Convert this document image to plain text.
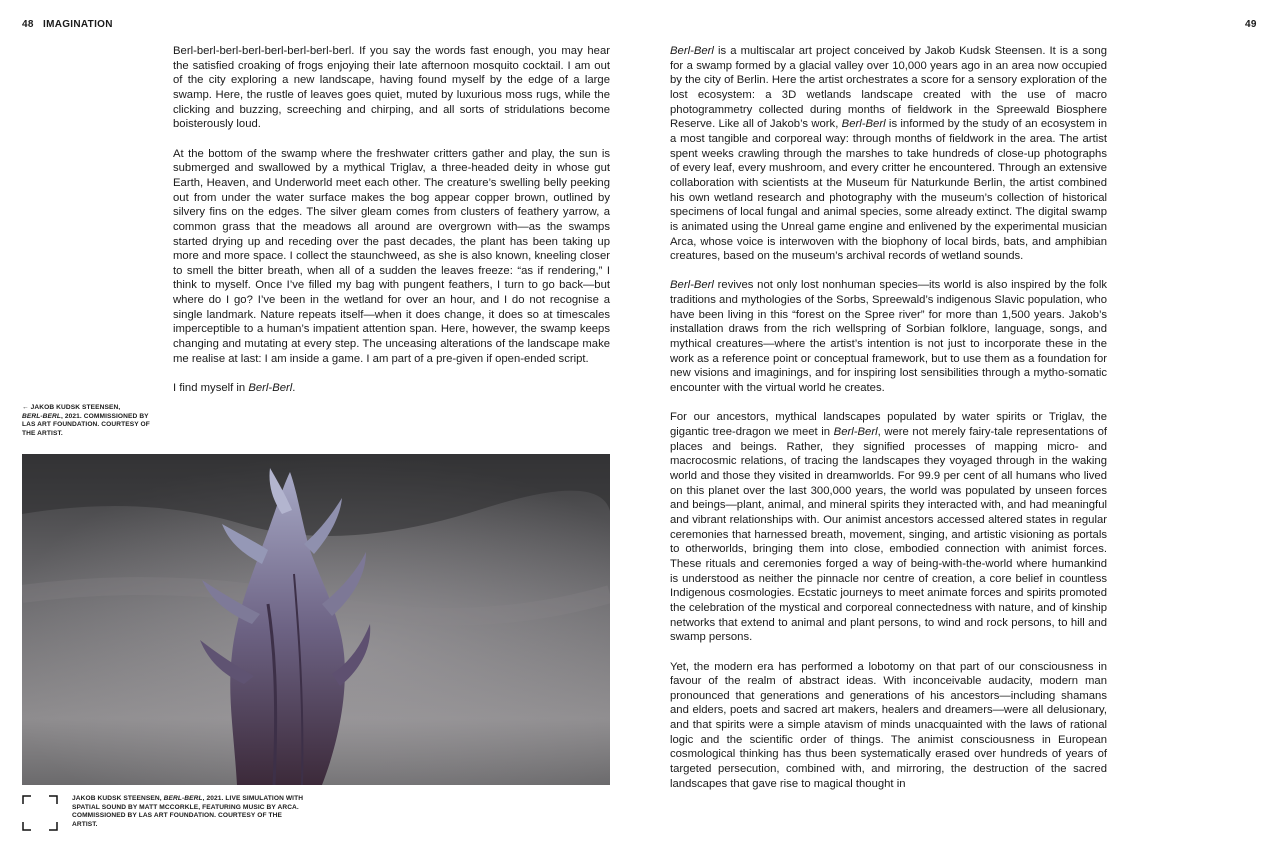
48 IMAGINATION	49

Berl-berl-berl-berl-berl-berl-berl-berl. If you say the words fast enough, you may hear the satisfied croaking of frogs enjoying their late afternoon mosquito cocktail. I am out of the city exploring a new landscape, having found myself by the edge of a large swamp. Here, the rustle of leaves goes quiet, muted by luxurious moss rugs, while the clicking and buzzing, screeching and chirping, and all sorts of stridulations become boisterously loud.

At the bottom of the swamp where the freshwater critters gather and play, the sun is submerged and swallowed by a mythical Triglav, a three-headed deity in whose gut Earth, Heaven, and Underworld meet each other. The creature’s swelling belly peeking out from under the water surface makes the bog appear copper brown, outlined by silvery fins on the edges. The silver gleam comes from clusters of feathery yarrow, a common grass that the meadows all around are overgrown with—as the swamps started drying up and receding over the past decades, the plant has been taking up more and more space. I collect the staunchweed, as she is also known, kneeling closer to smell the bitter breath, when all of a sudden the leaves freeze: “as if rendering,” I think to myself. Once I’ve filled my bag with pungent feathers, I turn to go back—but where do I go? I’ve been in the wetland for over an hour, and I do not recognise a single landmark. Nature repeats itself—when it does change, it does so at timescales imperceptible to a human’s impatient attention span. Here, however, the swamp keeps changing and mutating at every step. The unceasing alterations of the landscape make me realise at last: I am inside a game. I am part of a pre-given if open-ended script.

I find myself in Berl-Berl.

← JAKOB KUDSK STEENSEN,
BERL-BERL, 2021. COMMISSIONED BY LAS ART FOUNDATION. COURTESY OF THE ARTIST.
JAKOB KUDSK STEENSEN, BERL-BERL, 2021. LIVE SIMULATION WITH SPATIAL SOUND BY MATT MCCORKLE, FEATURING MUSIC BY ARCA. COMMISSIONED BY LAS ART FOUNDATION. COURTESY OF THE ARTIST.

Berl-Berl is a multiscalar art project conceived by Jakob Kudsk Steensen. It is a song for a swamp formed by a glacial valley over 10,000 years ago in an area now occupied by the city of Berlin. Here the artist orchestrates a score for a sensory exploration of the lost ecosystem: a 3D wetlands landscape created with the use of macro photogrammetry collected during months of fieldwork in the Spreewald Biosphere Reserve. Like all of Jakob’s work, Berl-Berl is informed by the study of an ecosystem in a most tangible and corporeal way: through months of fieldwork in the area. The artist spent weeks crawling through the marshes to take hundreds of close-up photographs of every leaf, every mushroom, and every critter he encountered. Through an extensive collaboration with scientists at the Museum für Naturkunde Berlin, the artist combined his own wetland research and photography with the museum’s collection of historical specimens of local fungal and animal species, some already extinct. The digital swamp is animated using the Unreal game engine and enlivened by the experimental musician Arca, whose voice is interwoven with the biophony of local birds, bats, and amphibian creatures, based on the museum’s archival records of wetland sounds.

Berl-Berl revives not only lost nonhuman species—its world is also inspired by the folk traditions and mythologies of the Sorbs, Spreewald’s indigenous Slavic population, who have been living in this “forest on the Spree river” for more than 1,500 years. Jakob’s installation draws from the rich wellspring of Sorbian folklore, language, songs, and mythical creatures—where the artist’s intention is not just to incorporate these in the work as a reference point or conceptual framework, but to use them as a foundation for new visions and imaginings, and for inspiring lost sensibilities through a mytho-somatic encounter with the virtual world he creates.

For our ancestors, mythical landscapes populated by water spirits or Triglav, the gigantic tree-dragon we meet in Berl-Berl, were not merely fairy-tale representations of places and beings. Rather, they signified processes of mapping micro- and macrocosmic relations, of tracing the landscapes they voyaged through in the waking world and those they visited in dreamworlds. For 99.9 per cent of all humans who lived on this planet over the last 300,000 years, the world was populated by unseen forces and beings—plant, animal, and mineral spirits they interacted with, and had meaningful and vibrant relationships with. Our animist ancestors accessed altered states in regular ceremonies that harnessed breath, movement, singing, and artistic visioning as portals to otherworlds, bringing them into close, embodied connection with animist forces. These rituals and ceremonies forged a way of being-with-the-world where humankind is understood as neither the pinnacle nor centre of creation, a core belief in countless Indigenous cosmologies. Ecstatic journeys to meet animate forces and spirits promoted the celebration of the mystical and corporeal connectedness with nature, and of kinship networks that extend to animal and plant persons, to wind and rock persons, to hill and swamp persons.

Yet, the modern era has performed a lobotomy on that part of our consciousness in favour of the realm of abstract ideas. With inconceivable audacity, modern man pronounced that generations and generations of his ancestors—including shamans and elders, poets and sacred art makers, healers and dreamers—were all delusionary, and that spirits were a simple atavism of minds unacquainted with the laws of rational logic and the scientific order of things. The animist consciousness in European cosmological thinking has thus been systematically erased over hundreds of years of targeted persecution, combined with, and mirroring, the destruction of the sacred landscapes that gave rise to magical thought in
